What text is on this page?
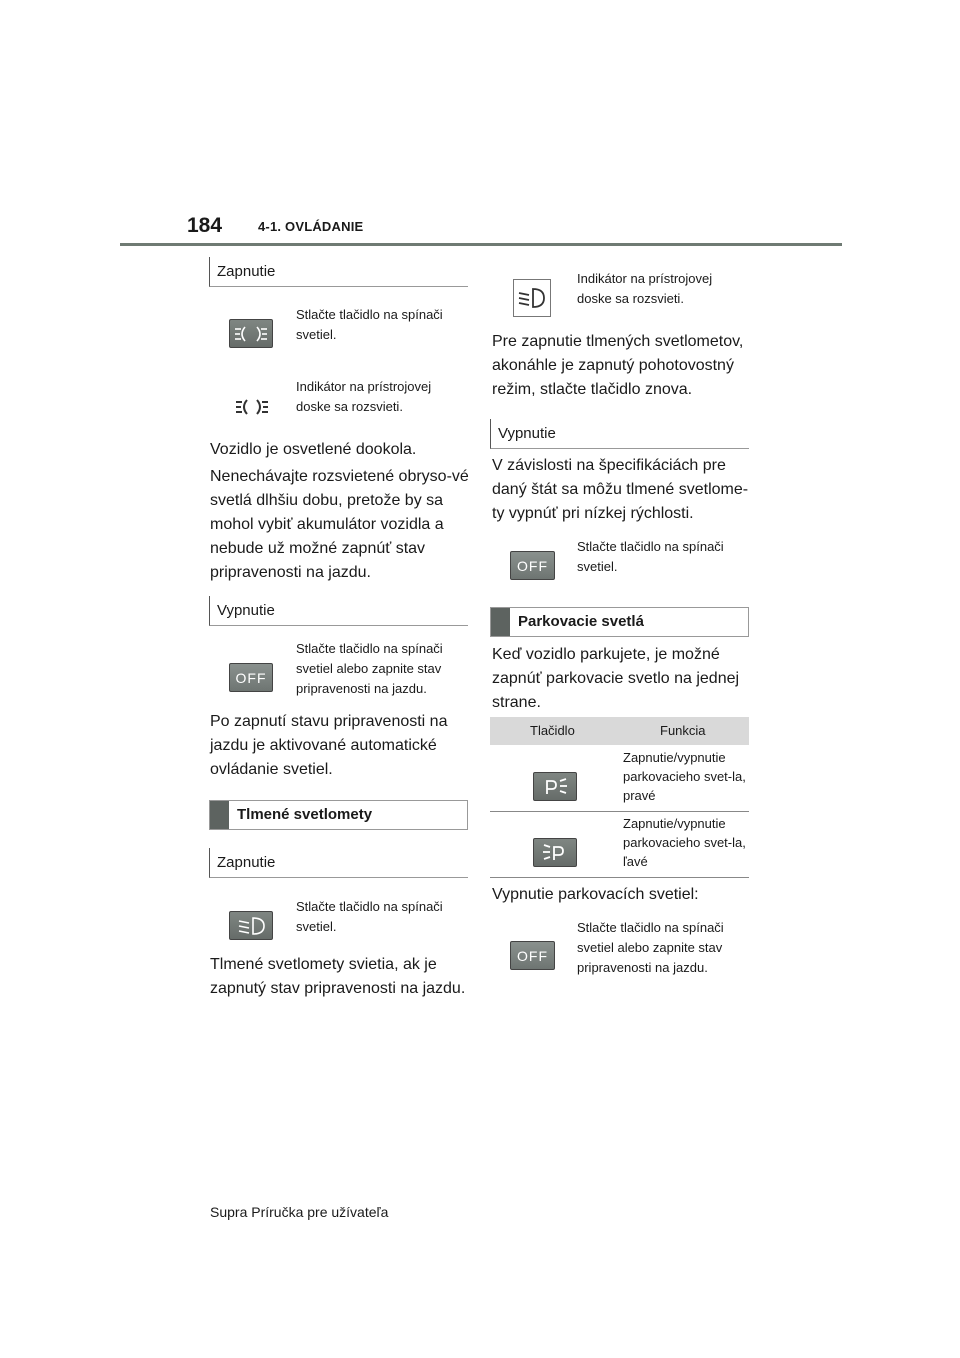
184	4-1. OVLÁDANIE
Zapnutie
Stlačte tlačidlo na spínači svetiel.
Indikátor na prístrojovej doske sa rozsvieti.
Vozidlo je osvetlené dookola.
Nenechávajte rozsvietené obryso-vé svetlá dlhšiu dobu, pretože by sa mohol vybiť akumulátor vozidla a nebude už možné zapnúť stav pripravenosti na jazdu.
Vypnutie
OFF
Stlačte tlačidlo na spínači svetiel alebo zapnite stav pripravenosti na jazdu.
Po zapnutí stavu pripravenosti na jazdu je aktivované automatické ovládanie svetiel.
Tlmené svetlomety
Zapnutie
Stlačte tlačidlo na spínači svetiel.
Tlmené svetlomety svietia, ak je zapnutý stav pripravenosti na jazdu.
Indikátor na prístrojovej doske sa rozsvieti.
Pre zapnutie tlmených svetlometov, akonáhle je zapnutý pohotovostný režim, stlačte tlačidlo znova.
Vypnutie
V závislosti na špecifikáciách pre daný štát sa môžu tlmené svetlome-ty vypnúť pri nízkej rýchlosti.
OFF
Stlačte tlačidlo na spínači svetiel.
Parkovacie svetlá
Keď vozidlo parkujete, je možné zapnúť parkovacie svetlo na jednej strane.
Tlačidlo	Funkcia
Zapnutie/vypnutie parkovacieho svet-la, pravé
Zapnutie/vypnutie parkovacieho svet-la, ľavé
Vypnutie parkovacích svetiel:
OFF
Stlačte tlačidlo na spínači svetiel alebo zapnite stav pripravenosti na jazdu.
Supra Príručka pre užívateľa
